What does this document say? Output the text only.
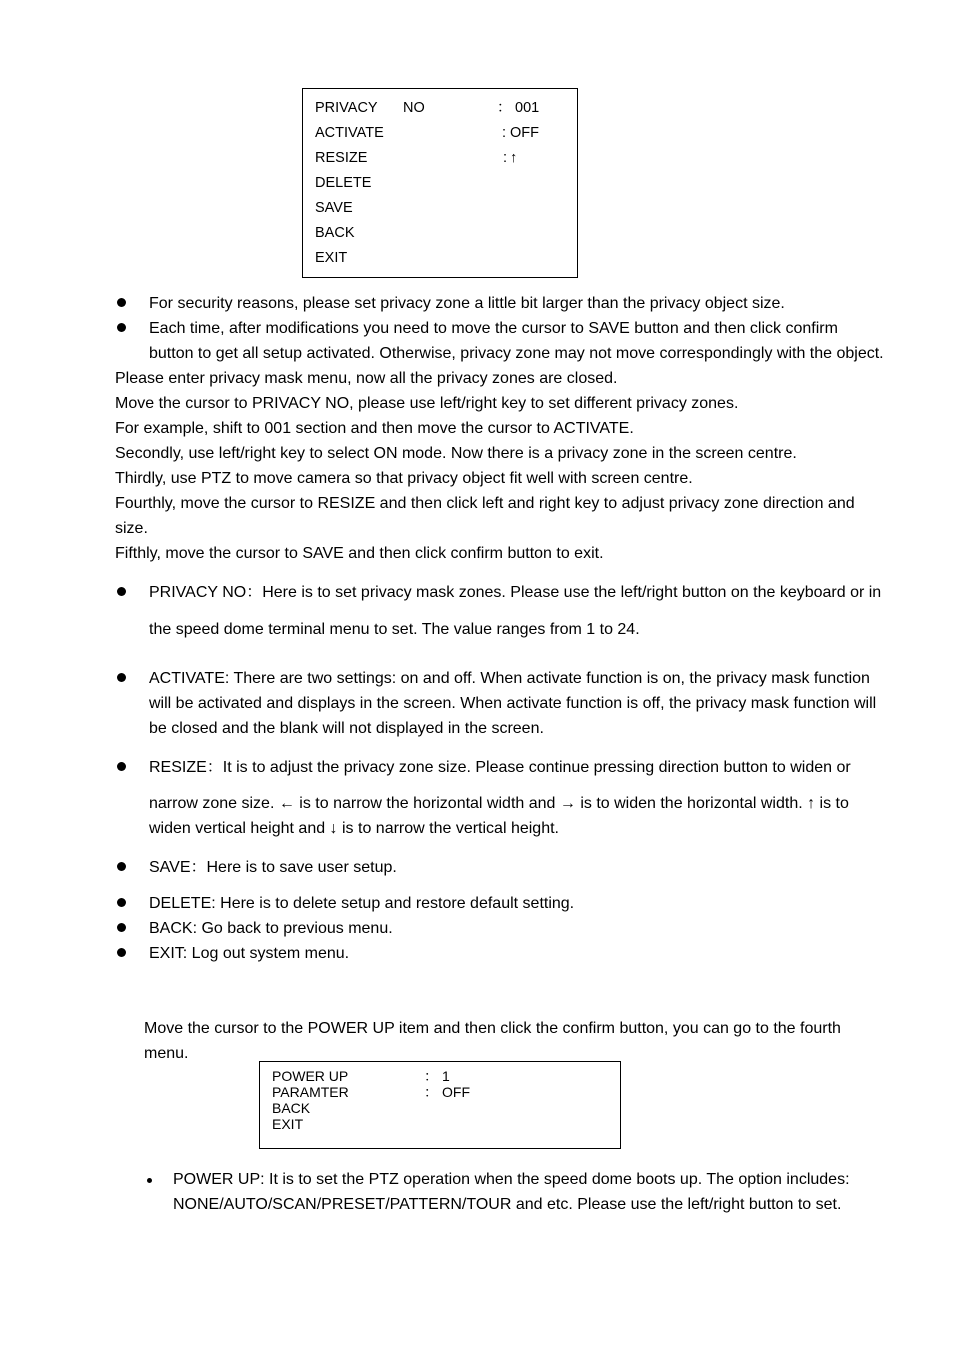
PRIVACY NO	： 001
ACTIVATE	: OFF
RESIZE	: ↑
DELETE
SAVE
BACK
EXIT
For security reasons, please set privacy zone a little bit larger than the privacy object size.
Each time, after modifications you need to move the cursor to SAVE button and then click confirm
button to get all setup activated. Otherwise, privacy zone may not move correspondingly with the object.
Please enter privacy mask menu, now all the privacy zones are closed.
Move the cursor to PRIVACY NO, please use left/right key to set different privacy zones.
For example, shift to 001 section and then move the cursor to ACTIVATE.
Secondly, use left/right key to select ON mode. Now there is a privacy zone in the screen centre.
Thirdly, use PTZ to move camera so that privacy object fit well with screen centre.
Fourthly, move the cursor to RESIZE and then click left and right key to adjust privacy zone direction and
size.
Fifthly, move the cursor to SAVE and then click confirm button to exit.
PRIVACY NO：Here is to set privacy mask zones. Please use the left/right button on the keyboard or in
the speed dome terminal menu to set. The value ranges from 1 to 24.
ACTIVATE: There are two settings: on and off. When activate function is on, the privacy mask function
will be activated and displays in the screen. When activate function is off, the privacy mask function will
be closed and the blank will not displayed in the screen.
RESIZE：It is to adjust the privacy zone size. Please continue pressing direction button to widen or
narrow zone size. ← is to narrow the horizontal width and → is to widen the horizontal width. ↑ is to
widen vertical height and ↓ is to narrow the vertical height.
SAVE：Here is to save user setup.
DELETE: Here is to delete setup and restore default setting.
BACK: Go back to previous menu.
EXIT: Log out system menu.
Move the cursor to the POWER UP item and then click the confirm button, you can go to the fourth
menu.
POWER UP	： 1
PARAMTER	： OFF
BACK
EXIT
POWER UP: It is to set the PTZ operation when the speed dome boots up. The option includes:
NONE/AUTO/SCAN/PRESET/PATTERN/TOUR and etc. Please use the left/right button to set.
